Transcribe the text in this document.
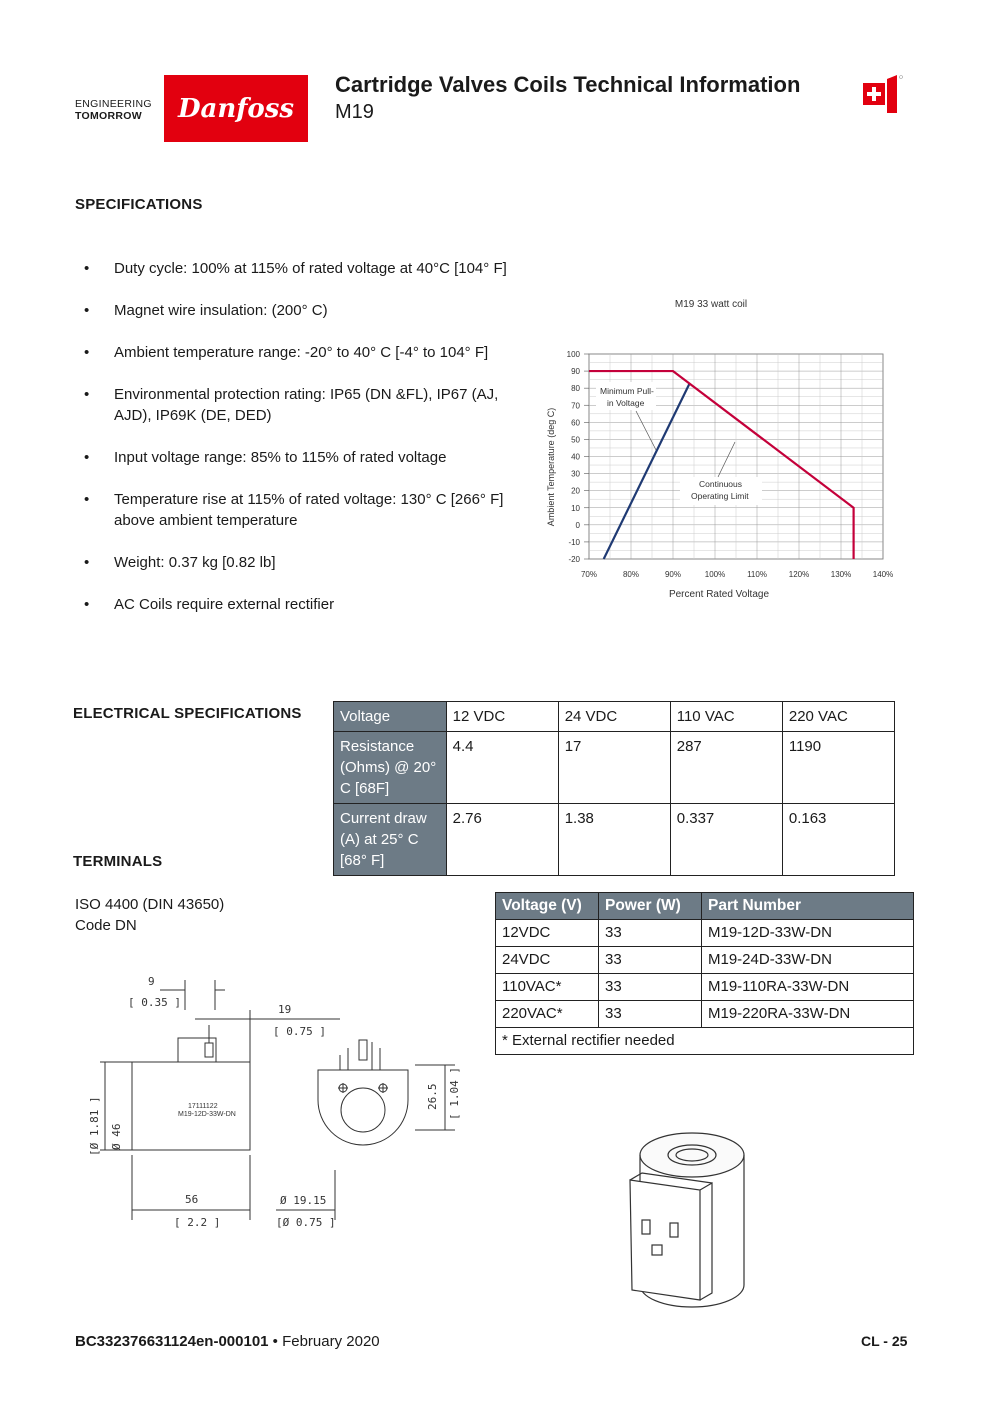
ENGINEERING
TOMORROW	Danfoss
Cartridge Valves Coils Technical Information
M19
SPECIFICATIONS
• Duty cycle: 100% at 115% of rated voltage at 40°C [104° F]
• Magnet wire insulation: (200° C)
• Ambient temperature range: -20° to 40° C [-4° to 104° F]
• Environmental protection rating: IP65 (DN &FL), IP67 (AJ, AJD), IP69K (DE, DED)
• Input voltage range: 85% to 115% of rated voltage
• Temperature rise at 115% of rated voltage: 130° C [266° F] above ambient temperature
• Weight: 0.37 kg [0.82 lb]
• AC Coils require external rectifier
M19 33 watt coil
100
90
80
70
60
50
40
30
20
10
0
-10
-20
70%	80%	90%	100%	110%	120%	130%	140%
Percent Rated Voltage
Ambient Temperature (deg C)
Minimum Pull-
in Voltage
Continuous
Operating Limit
ELECTRICAL SPECIFICATIONS	Voltage	12 VDC	24 VDC	110 VAC	220 VAC
Resistance (Ohms) @ 20° C [68F]	4.4	17	287	1190
Current draw (A) at 25° C [68° F]	2.76	1.38	0.337	0.163
TERMINALS
ISO 4400 (DIN 43650)
Code DN
Voltage (V)	Power (W)	Part Number
12VDC	33	M19-12D-33W-DN
24VDC	33	M19-24D-33W-DN
110VAC*	33	M19-110RA-33W-DN
220VAC*	33	M19-220RA-33W-DN
* External rectifier needed		
9
[ 0.35 ]
19
[ 0.75 ]
17111122
M19-12D-33W-DN
Ø 46
[Ø 1.81 ]
56
[ 2.2 ]
Ø 19.15
[Ø 0.75 ]
26.5 [ 1.04 ]
BC332376631124en-000101 • February 2020	CL - 25
